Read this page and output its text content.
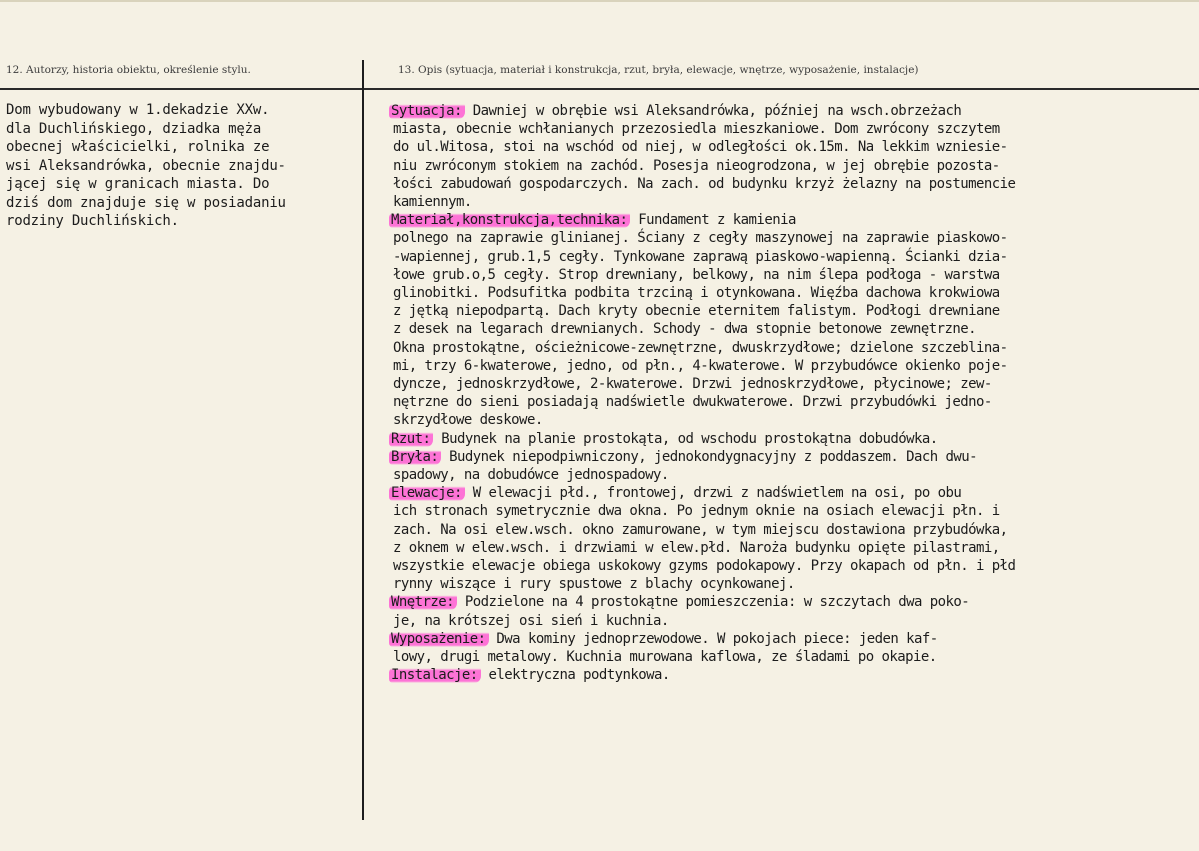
12. Autorzy, historia obiektu, określenie stylu.	13. Opis (sytuacja, materiał i konstrukcja, rzut, bryła, elewacje, wnętrze, wyposażenie, instalacje)
Dom wybudowany w 1.dekadzie XXw.
dla Duchlińskiego, dziadka męża
obecnej właścicielki, rolnika ze
wsi Aleksandrówka, obecnie znajdu-
jącej się w granicach miasta. Do
dziś dom znajduje się w posiadaniu
rodziny Duchlińskich.
Sytuacja: Dawniej w obrębie wsi Aleksandrówka, później na wsch.obrzeżach
miasta, obecnie wchłanianych przezosiedla mieszkaniowe. Dom zwrócony szczytem
do ul.Witosa, stoi na wschód od niej, w odległości ok.15m. Na lekkim wzniesie-
niu zwróconym stokiem na zachód. Posesja nieogrodzona, w jej obrębie pozosta-
łości zabudowań gospodarczych. Na zach. od budynku krzyż żelazny na postumencie
kamiennym.
Materiał,konstrukcja,technika: Fundament z kamienia
polnego na zaprawie glinianej. Ściany z cegły maszynowej na zaprawie piaskowo-
-wapiennej, grub.1,5 cegły. Tynkowane zaprawą piaskowo-wapienną. Ścianki dzia-
łowe grub.o,5 cegły. Strop drewniany, belkowy, na nim ślepa podłoga - warstwa
glinobitki. Podsufitka podbita trzciną i otynkowana. Więźba dachowa krokwiowa
z jętką niepodpartą. Dach kryty obecnie eternitem falistym. Podłogi drewniane
z desek na legarach drewnianych. Schody - dwa stopnie betonowe zewnętrzne.
Okna prostokątne, ościeżnicowe-zewnętrzne, dwuskrzydłowe; dzielone szczeblina-
mi, trzy 6-kwaterowe, jedno, od płn., 4-kwaterowe. W przybudówce okienko poje-
dyncze, jednoskrzydłowe, 2-kwaterowe. Drzwi jednoskrzydłowe, płycinowe; zew-
nętrzne do sieni posiadają nadświetle dwukwaterowe. Drzwi przybudówki jedno-
skrzydłowe deskowe.
Rzut: Budynek na planie prostokąta, od wschodu prostokątna dobudówka.
Bryła: Budynek niepodpiwniczony, jednokondygnacyjny z poddaszem. Dach dwu-
spadowy, na dobudówce jednospadowy.
Elewacje: W elewacji płd., frontowej, drzwi z nadświetlem na osi, po obu
ich stronach symetrycznie dwa okna. Po jednym oknie na osiach elewacji płn. i
zach. Na osi elew.wsch. okno zamurowane, w tym miejscu dostawiona przybudówka,
z oknem w elew.wsch. i drzwiami w elew.płd. Naroża budynku opięte pilastrami,
wszystkie elewacje obiega uskokowy gzyms podokapowy. Przy okapach od płn. i płd
rynny wiszące i rury spustowe z blachy ocynkowanej.
Wnętrze: Podzielone na 4 prostokątne pomieszczenia: w szczytach dwa poko-
je, na krótszej osi sień i kuchnia.
Wyposażenie: Dwa kominy jednoprzewodowe. W pokojach piece: jeden kaf-
lowy, drugi metalowy. Kuchnia murowana kaflowa, ze śladami po okapie.
Instalacje: elektryczna podtynkowa.
